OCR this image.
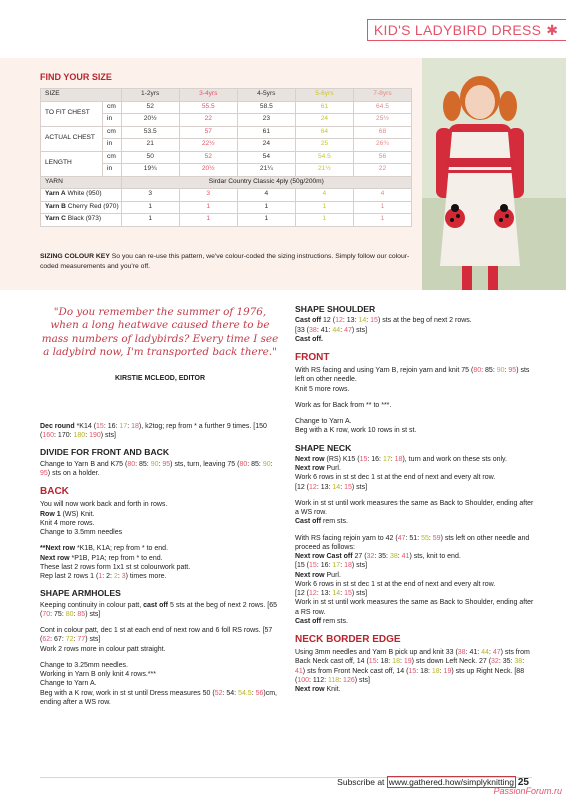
KID'S LADYBIRD DRESS ✱
FIND YOUR SIZE
SIZE		1-2yrs	3-4yrs	4-5yrs	5-6yrs	7-8yrs
TO FIT CHEST	cm	52	55.5	58.5	61	64.5
	in	20½	22	23	24	25½
ACTUAL CHEST	cm	53.5	57	61	64	68
	in	21	22½	24	25	26¾
LENGTH	cm	50	52	54	54.5	56
	in	19¾	20½	21¼	21½	22
YARN		Sirdar Country Classic 4ply (50g/200m)				
Yarn A White (950)		3	3	4	4	4
Yarn B Cherry Red (970)		1	1	1	1	1
Yarn C Black (973)		1	1	1	1	1
SIZING COLOUR KEY So you can re-use this pattern, we've colour-coded the sizing instructions. Simply follow our colour-coded measurements and you're off.
"Do you remember the summer of 1976, when a long heatwave caused there to be mass numbers of ladybirds? Every time I see a ladybird now, I'm transported back there."
KIRSTIE MCLEOD, EDITOR
Dec round *K14 (15: 16: 17: 18), k2tog; rep from * a further 9 times. [150 (160: 170: 180: 190) sts]
DIVIDE FOR FRONT AND BACK
Change to Yarn B and K75 (80: 85: 90: 95) sts, turn, leaving 75 (80: 85: 90: 95) sts on a holder.
BACK
You will now work back and forth in rows.
Row 1 (WS) Knit.
Knit 4 more rows.
Change to 3.5mm needles
**Next row *K1B, K1A; rep from * to end.
Next row *P1B, P1A; rep from * to end.
These last 2 rows form 1x1 st st colourwork patt.
Rep last 2 rows 1 (1: 2: 2: 3) times more.
SHAPE ARMHOLES
Keeping continuity in colour patt, cast off 5 sts at the beg of next 2 rows. [65 (70: 75: 80: 85) sts]
Cont in colour patt, dec 1 st at each end of next row and 6 foll RS rows. [57 (62: 67: 72: 77) sts]
Work 2 rows more in colour patt straight.
Change to 3.25mm needles.
Working in Yarn B only knit 4 rows.***
Change to Yarn A.
Beg with a K row, work in st st until Dress measures 50 (52: 54: 54.5: 56)cm, ending after a WS row.
SHAPE SHOULDER
Cast off 12 (12: 13: 14: 15) sts at the beg of next 2 rows.
[33 (38: 41: 44: 47) sts]
Cast off.
FRONT
With RS facing and using Yarn B, rejoin yarn and knit 75 (80: 85: 90: 95) sts left on other needle.
Knit 5 more rows.
Work as for Back from ** to ***.
Change to Yarn A.
Beg with a K row, work 10 rows in st st.
SHAPE NECK
Next row (RS) K15 (15: 16: 17: 18), turn and work on these sts only.
Next row Purl.
Work 6 rows in st st dec 1 st at the end of next and every alt row.
[12 (12: 13: 14: 15) sts]
Work in st st until work measures the same as Back to Shoulder, ending after a WS row.
Cast off rem sts.
With RS facing rejoin yarn to 42 (47: 51: 55: 59) sts left on other needle and proceed as follows:
Next row Cast off 27 (32: 35: 38: 41) sts, knit to end.
[15 (15: 16: 17: 18) sts]
Next row Purl.
Work 6 rows in st st dec 1 st at the end of next and every alt row.
[12 (12: 13: 14: 15) sts]
Work in st st until work measures the same as Back to Shoulder, ending after a RS row.
Cast off rem sts.
NECK BORDER EDGE
Using 3mm needles and Yarn B pick up and knit 33 (38: 41: 44: 47) sts from Back Neck cast off, 14 (15: 18: 18: 19) sts down Left Neck. 27 (32: 35: 38: 41) sts from Front Neck cast off, 14 (15: 18: 18: 19) sts up Right Neck. [88 (100: 112: 118: 126) sts]
Next row Knit.
Subscribe at www.gathered.how/simplyknitting 25
PassionForum.ru
